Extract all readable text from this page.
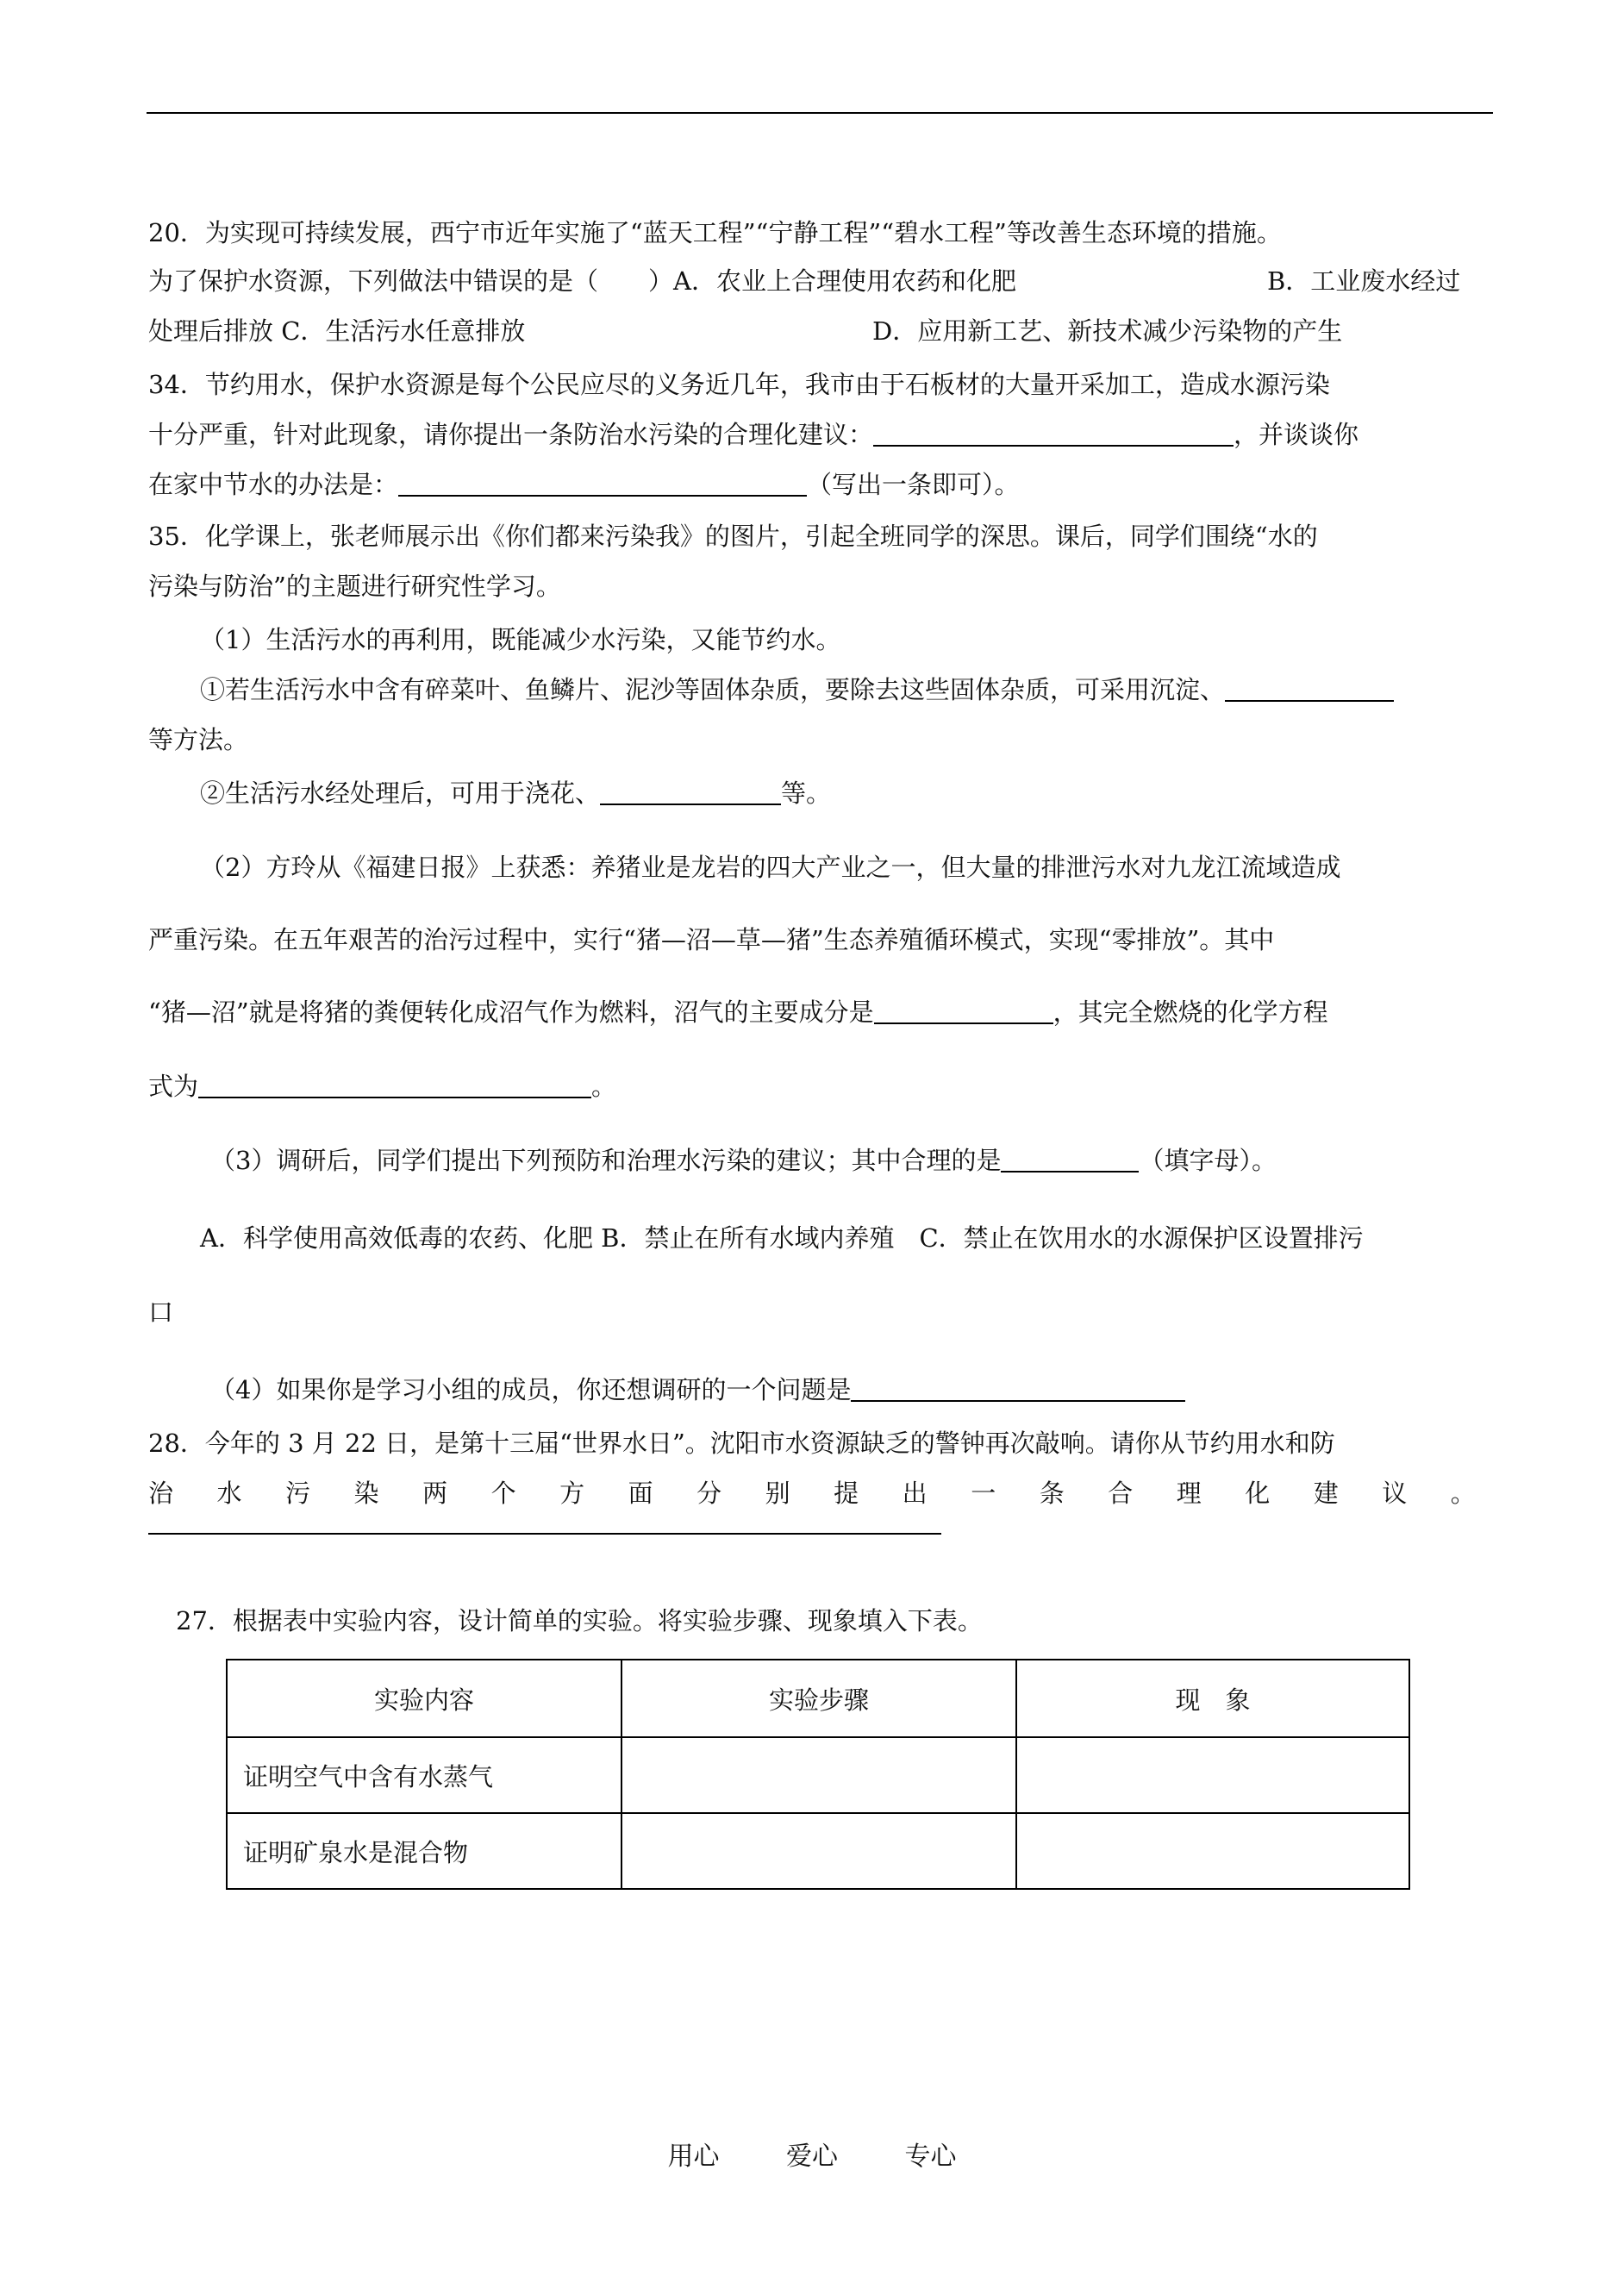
20．为实现可持续发展，西宁市近年实施了“蓝天工程”“宁静工程”“碧水工程”等改善生态环境的措施。
为了保护水资源，下列做法中错误的是（　　）A．农业上合理使用农药和化肥	B．工业废水经过
处理后排放 C．生活污水任意排放	D．应用新工艺、新技术减少污染物的产生
34．节约用水，保护水资源是每个公民应尽的义务近几年，我市由于石板材的大量开采加工，造成水源污染
十分严重，针对此现象，请你提出一条防治水污染的合理化建议：	，并谈谈你
在家中节水的办法是：	（写出一条即可）。
35．化学课上，张老师展示出《你们都来污染我》的图片，引起全班同学的深思。课后，同学们围绕“水的
污染与防治”的主题进行研究性学习。
（1）生活污水的再利用，既能减少水污染，又能节约水。
①若生活污水中含有碎菜叶、鱼鳞片、泥沙等固体杂质，要除去这些固体杂质，可采用沉淀、
等方法。
②生活污水经处理后，可用于浇花、	等。
（2）方玲从《福建日报》上获悉：养猪业是龙岩的四大产业之一，但大量的排泄污水对九龙江流域造成
严重污染。在五年艰苦的治污过程中，实行“猪—沼—草—猪”生态养殖循环模式，实现“零排放”。其中
“猪—沼”就是将猪的粪便转化成沼气作为燃料，沼气的主要成分是	，其完全燃烧的化学方程
式为	。
（3）调研后，同学们提出下列预防和治理水污染的建议；其中合理的是	（填字母）。
A．科学使用高效低毒的农药、化肥 B．禁止在所有水域内养殖　C．禁止在饮用水的水源保护区设置排污
口
（4）如果你是学习小组的成员，你还想调研的一个问题是
28．今年的 3 月 22 日，是第十三届“世界水日”。沈阳市水资源缺乏的警钟再次敲响。请你从节约用水和防
治 水 污 染 两 个 方 面 分 别 提 出 一 条 合 理 化 建 议 。
27．根据表中实验内容，设计简单的实验。将实验步骤、现象填入下表。
实验内容	实验步骤	现　象
证明空气中含有水蒸气		
证明矿泉水是混合物		
用心	爱心	专心
